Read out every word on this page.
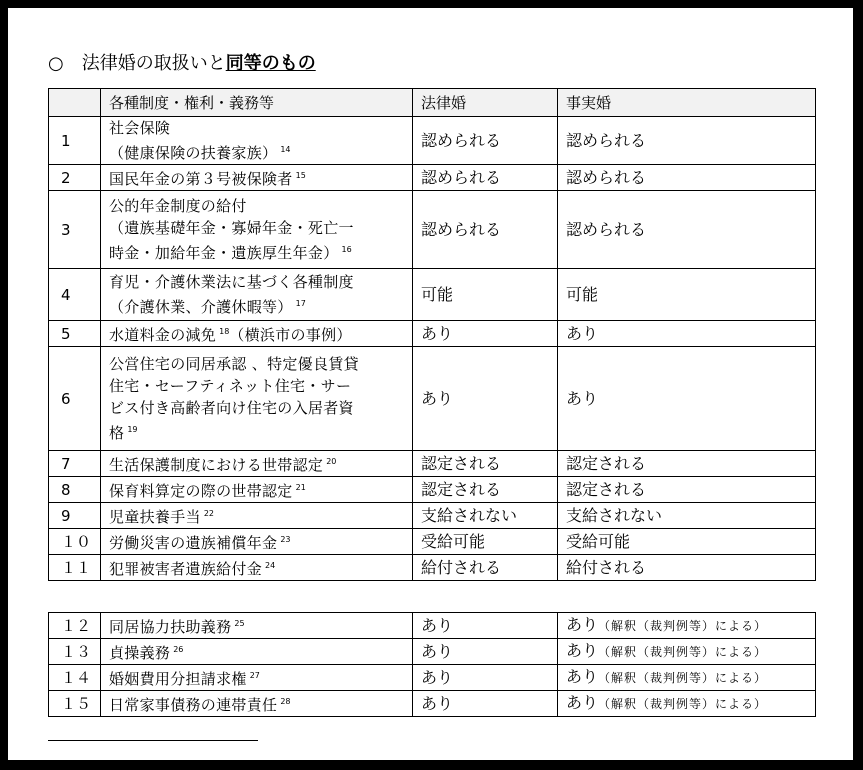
○ 法律婚の取扱いと同等のもの
	各種制度・権利・義務等	法律婚	事実婚
1	社会保険
（健康保険の扶養家族） $^{14}$	認められる	認められる
2	国民年金の第３号被保険者 $^{15}$	認められる	認められる
3	公的年金制度の給付
（遺族基礎年金・寡婦年金・死亡一
時金・加給年金・遺族厚生年金） $^{16}$	認められる	認められる
4	育児・介護休業法に基づく各種制度
（介護休業、介護休暇等） $^{17}$	可能	可能
5	水道料金の減免 $^{18}$（横浜市の事例）	あり	あり
6	公営住宅の同居承認 、特定優良賃貸
住宅・セーフティネット住宅・サー
ビス付き高齢者向け住宅の入居者資
格 $^{19}$	あり	あり
7	生活保護制度における世帯認定 $^{20}$	認定される	認定される
8	保育料算定の際の世帯認定 $^{21}$	認定される	認定される
9	児童扶養手当 $^{22}$	支給されない	支給されない
１０	労働災害の遺族補償年金 $^{23}$	受給可能	受給可能
１１	犯罪被害者遺族給付金 $^{24}$	給付される	給付される
１２	同居協力扶助義務 $^{25}$	あり	あり（解釈（裁判例等）による）
１３	貞操義務 $^{26}$	あり	あり（解釈（裁判例等）による）
１４	婚姻費用分担請求権 $^{27}$	あり	あり（解釈（裁判例等）による）
１５	日常家事債務の連帯責任 $^{28}$	あり	あり（解釈（裁判例等）による）
